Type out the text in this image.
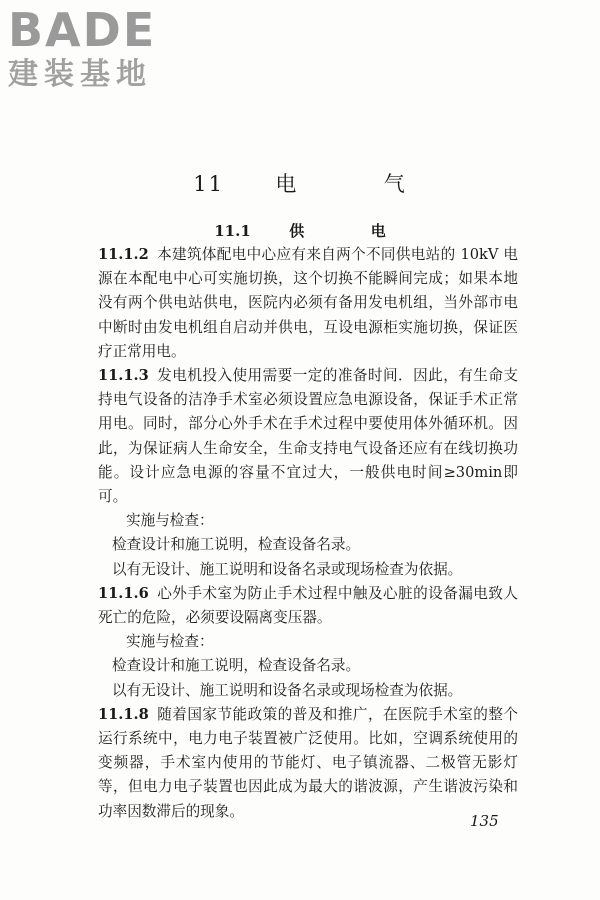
BADE
建装基地
11 电	气
11.1	供	电

11.1.2 本建筑体配电中心应有来自两个不同供电站的 10kV 电源在本配电中心可实施切换，这个切换不能瞬间完成；如果本地没有两个供电站供电，医院内必须有备用发电机组，当外部市电中断时由发电机组自启动并供电，互设电源柜实施切换，保证医疗正常用电。

11.1.3 发电机投入使用需要一定的准备时间．因此，有生命支持电气设备的洁净手术室必须设置应急电源设备，保证手术正常用电。同时，部分心外手术在手术过程中要使用体外循环机。因此，为保证病人生命安全，生命支持电气设备还应有在线切换功能。设计应急电源的容量不宜过大，一般供电时间≥30min即可。

实施与检查：

检查设计和施工说明，检查设备名录。

以有无设计、施工说明和设备名录或现场检查为依据。

11.1.6 心外手术室为防止手术过程中触及心脏的设备漏电致人死亡的危险，必须要设隔离变压器。

实施与检查：

检查设计和施工说明，检查设备名录。

以有无设计、施工说明和设备名录或现场检查为依据。

11.1.8 随着国家节能政策的普及和推广，在医院手术室的整个运行系统中，电力电子装置被广泛使用。比如，空调系统使用的变频器，手术室内使用的节能灯、电子镇流器、二极管无影灯等，但电力电子装置也因此成为最大的谐波源，产生谐波污染和功率因数滞后的现象。

135
